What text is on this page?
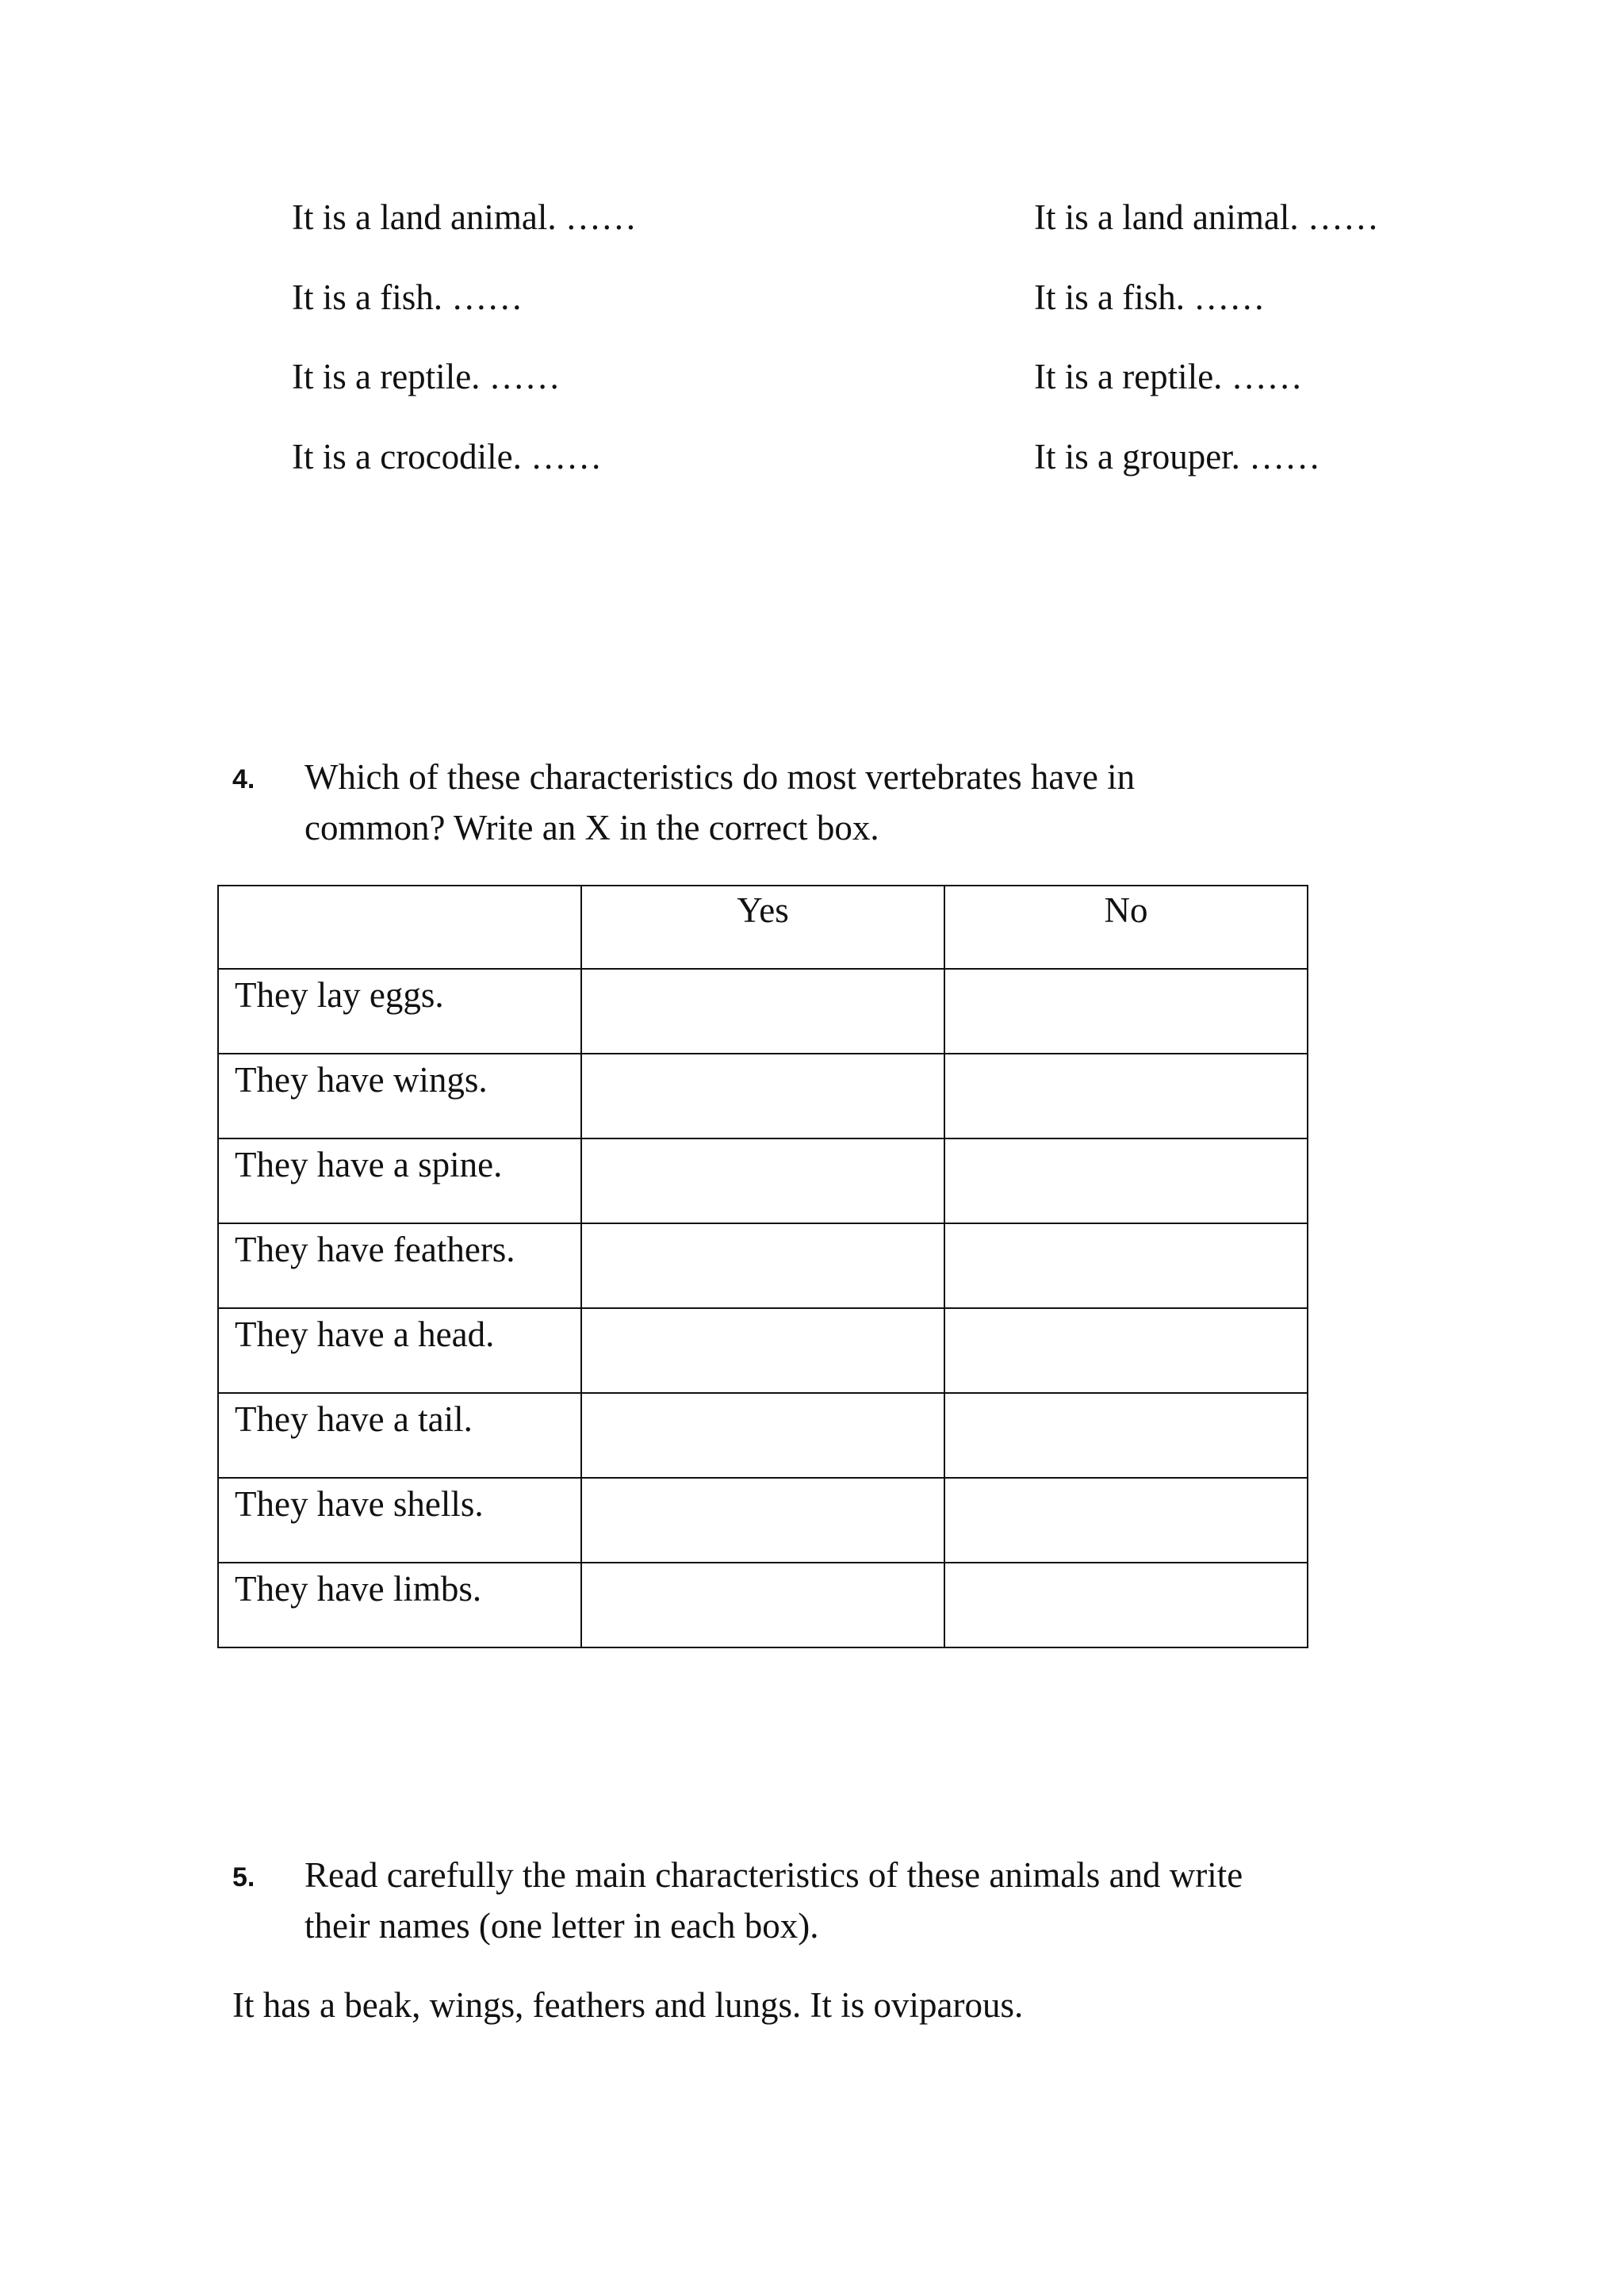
It is a land animal. ……
It is a fish. ……
It is a reptile. ……
It is a crocodile. ……
It is a land animal. ……
It is a fish. ……
It is a reptile. ……
It is a grouper. ……
4. Which of these characteristics do most vertebrates have in
common? Write an X in the correct box.
	Yes	No
They lay eggs.		
They have wings.		
They have a spine.		
They have feathers.		
They have a head.		
They have a tail.		
They have shells.		
They have limbs.		
5. Read carefully the main characteristics of these animals and write
their names (one letter in each box).
It has a beak, wings, feathers and lungs. It is oviparous.
